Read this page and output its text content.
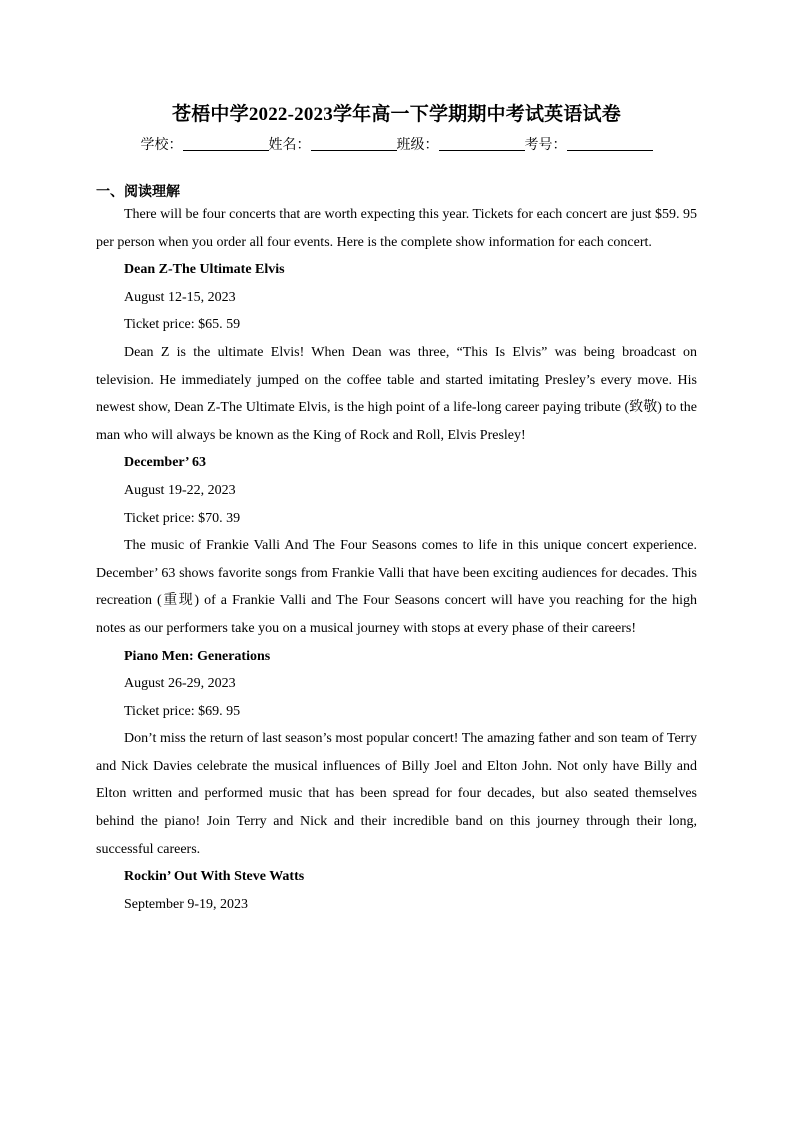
苍梧中学2022-2023学年高一下学期期中考试英语试卷
学校：	姓名：	班级：	考号：
一、阅读理解

There will be four concerts that are worth expecting this year. Tickets for each concert are just $59. 95 per person when you order all four events. Here is the complete show information for each concert.

Dean Z-The Ultimate Elvis

August 12-15, 2023

Ticket price: $65. 59

Dean Z is the ultimate Elvis! When Dean was three, “This Is Elvis” was being broadcast on television. He immediately jumped on the coffee table and started imitating Presley’s every move. His newest show, Dean Z-The Ultimate Elvis, is the high point of a life-long career paying tribute (致敬) to the man who will always be known as the King of Rock and Roll, Elvis Presley!

December’ 63

August 19-22, 2023

Ticket price: $70. 39

The music of Frankie Valli And The Four Seasons comes to life in this unique concert experience. December’ 63 shows favorite songs from Frankie Valli that have been exciting audiences for decades. This recreation (重现) of a Frankie Valli and The Four Seasons concert will have you reaching for the high notes as our performers take you on a musical journey with stops at every phase of their careers!

Piano Men: Generations

August 26-29, 2023

Ticket price: $69. 95

Don’t miss the return of last season’s most popular concert! The amazing father and son team of Terry and Nick Davies celebrate the musical influences of Billy Joel and Elton John. Not only have Billy and Elton written and performed music that has been spread for four decades, but also seated themselves behind the piano! Join Terry and Nick and their incredible band on this journey through their long, successful careers.

Rockin’ Out With Steve Watts

September 9-19, 2023
